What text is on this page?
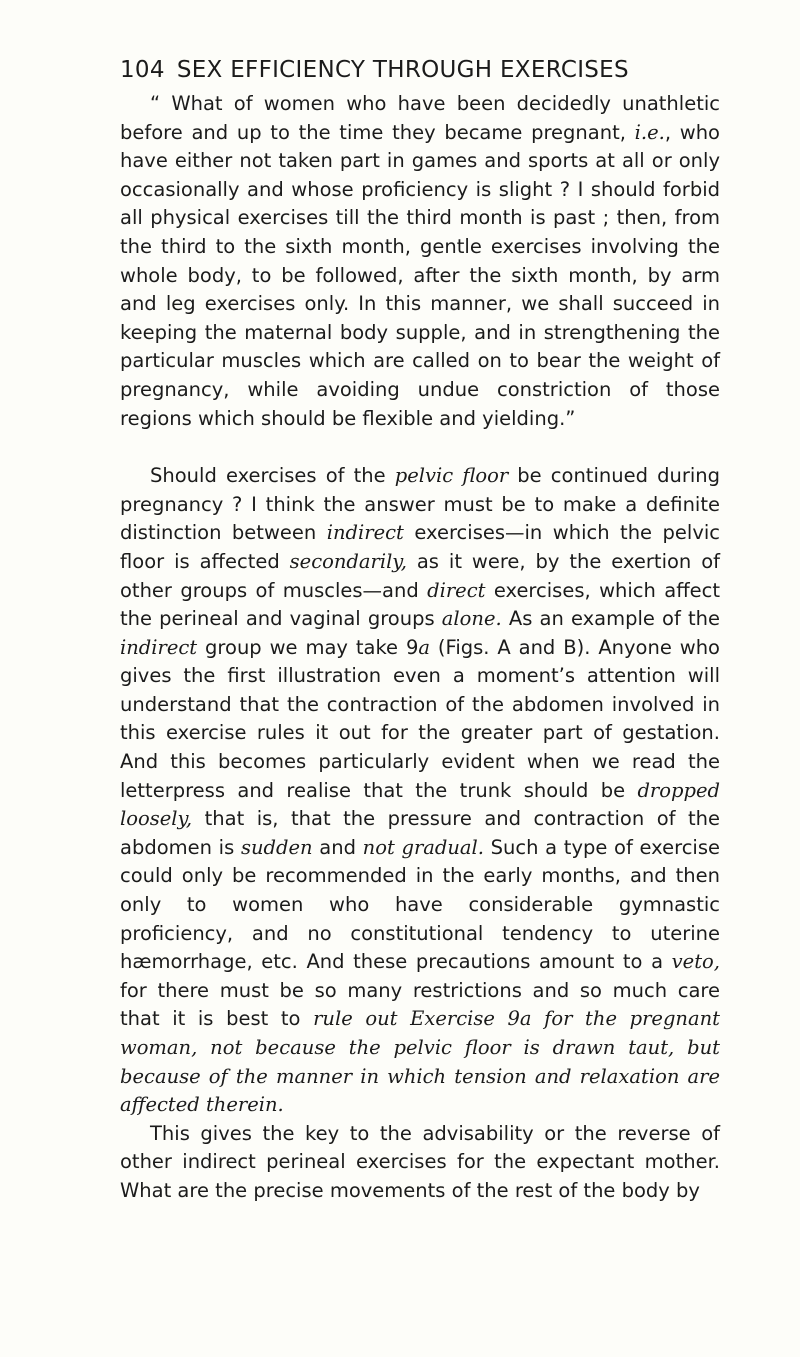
104 SEX EFFICIENCY THROUGH EXERCISES

“ What of women who have been decidedly unathletic before and up to the time they became pregnant, i.e., who have either not taken part in games and sports at all or only occasionally and whose proficiency is slight ? I should forbid all physical exercises till the third month is past ; then, from the third to the sixth month, gentle exercises involving the whole body, to be followed, after the sixth month, by arm and leg exercises only. In this manner, we shall succeed in keeping the maternal body supple, and in strengthening the particular muscles which are called on to bear the weight of pregnancy, while avoiding undue constriction of those regions which should be flexible and yielding.”

Should exercises of the pelvic floor be continued during pregnancy ? I think the answer must be to make a definite distinction between indirect exercises—in which the pelvic floor is affected secondarily, as it were, by the exertion of other groups of muscles—and direct exercises, which affect the perineal and vaginal groups alone. As an example of the indirect group we may take 9a (Figs. A and B). Anyone who gives the first illustration even a moment’s attention will understand that the contraction of the abdomen involved in this exercise rules it out for the greater part of gestation. And this becomes particularly evident when we read the letterpress and realise that the trunk should be dropped loosely, that is, that the pressure and contraction of the abdomen is sudden and not gradual. Such a type of exercise could only be recommended in the early months, and then only to women who have considerable gymnastic proficiency, and no constitutional tendency to uterine hæmorrhage, etc. And these precautions amount to a veto, for there must be so many restrictions and so much care that it is best to rule out Exercise 9a for the pregnant woman, not because the pelvic floor is drawn taut, but because of the manner in which tension and relaxation are affected therein.

This gives the key to the advisability or the reverse of other indirect perineal exercises for the expectant mother. What are the precise movements of the rest of the body by
